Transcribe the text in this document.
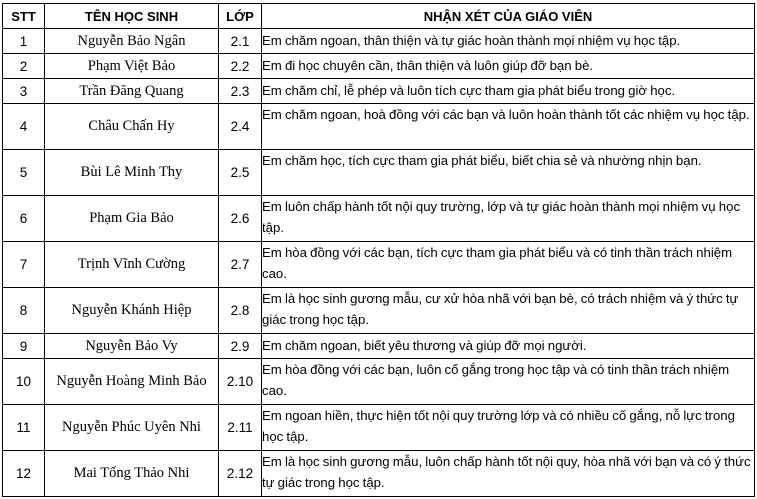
STT	TÊN HỌC SINH	LỚP	NHẬN XÉT CỦA GIÁO VIÊN
1	Nguyễn Bảo Ngân	2.1	Em chăm ngoan, thân thiện và tự giác hoàn thành mọi nhiệm vụ học tập.
2	Phạm Việt Bảo	2.2	Em đi học chuyên cần, thân thiện và luôn giúp đỡ bạn bè.
3	Trần Đăng Quang	2.3	Em chăm chỉ, lễ phép và luôn tích cực tham gia phát biểu trong giờ học.
4	Châu Chấn Hy	2.4	Em chăm ngoan, hoà đồng với các bạn và luôn hoàn thành tốt các nhiệm vụ học tập.
5	Bùi Lê Minh Thy	2.5	Em chăm học, tích cực tham gia phát biểu, biết chia sẻ và nhường nhịn bạn.
6	Phạm Gia Bảo	2.6	Em luôn chấp hành tốt nội quy trường, lớp và tự giác hoàn thành mọi nhiệm vụ học tập.
7	Trịnh Vĩnh Cường	2.7	Em hòa đồng với các bạn, tích cực tham gia phát biểu và có tinh thần trách nhiệm cao.
8	Nguyễn Khánh Hiệp	2.8	Em là học sinh gương mẫu, cư xử hòa nhã với bạn bè, có trách nhiệm và ý thức tự giác trong học tập.
9	Nguyễn Bảo Vy	2.9	Em chăm ngoan, biết yêu thương và giúp đỡ mọi người.
10	Nguyễn Hoàng Minh Bảo	2.10	Em hòa đồng với các bạn, luôn cố gắng trong học tập và có tinh thần trách nhiệm cao.
11	Nguyễn Phúc Uyên Nhi	2.11	Em ngoan hiền, thực hiện tốt nội quy trường lớp và có nhiều cố gắng, nỗ lực trong học tập.
12	Mai Tống Thảo Nhi	2.12	Em là học sinh gương mẫu, luôn chấp hành tốt nội quy, hòa nhã với bạn và có ý thức tự giác trong học tập.
